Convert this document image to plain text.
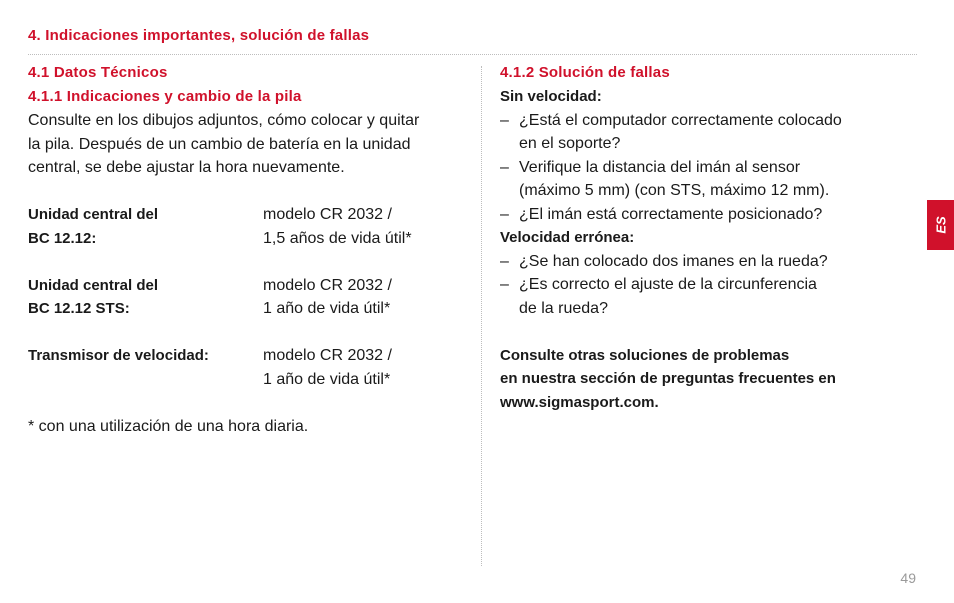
4. Indicaciones importantes, solución de fallas
4.1 Datos Técnicos
4.1.1 Indicaciones y cambio de la pila

Consulte en los dibujos adjuntos, cómo colocar y quitar

la pila. Después de un cambio de batería en la unidad

central, se debe ajustar la hora nuevamente.

Unidad central del
BC 12.12:
modelo CR 2032 /
1,5 años de vida útil*
Unidad central del
BC 12.12 STS:
modelo CR 2032 /
1 año de vida útil*
Transmisor de velocidad:	modelo CR 2032 /
1 año de vida útil*

* con una utilización de una hora diaria.

4.1.2 Solución de fallas
Sin velocidad:
– ¿Está el computador correctamente colocado
en el soporte?
– Verifique la distancia del imán al sensor
(máximo 5 mm) (con STS, máximo 12 mm).
– ¿El imán está correctamente posicionado?
Velocidad errónea:
– ¿Se han colocado dos imanes en la rueda?
– ¿Es correcto el ajuste de la circunferencia
de la rueda?
Consulte otras soluciones de problemas
en nuestra sección de preguntas frecuentes en
www.sigmasport.com.
ES
49
